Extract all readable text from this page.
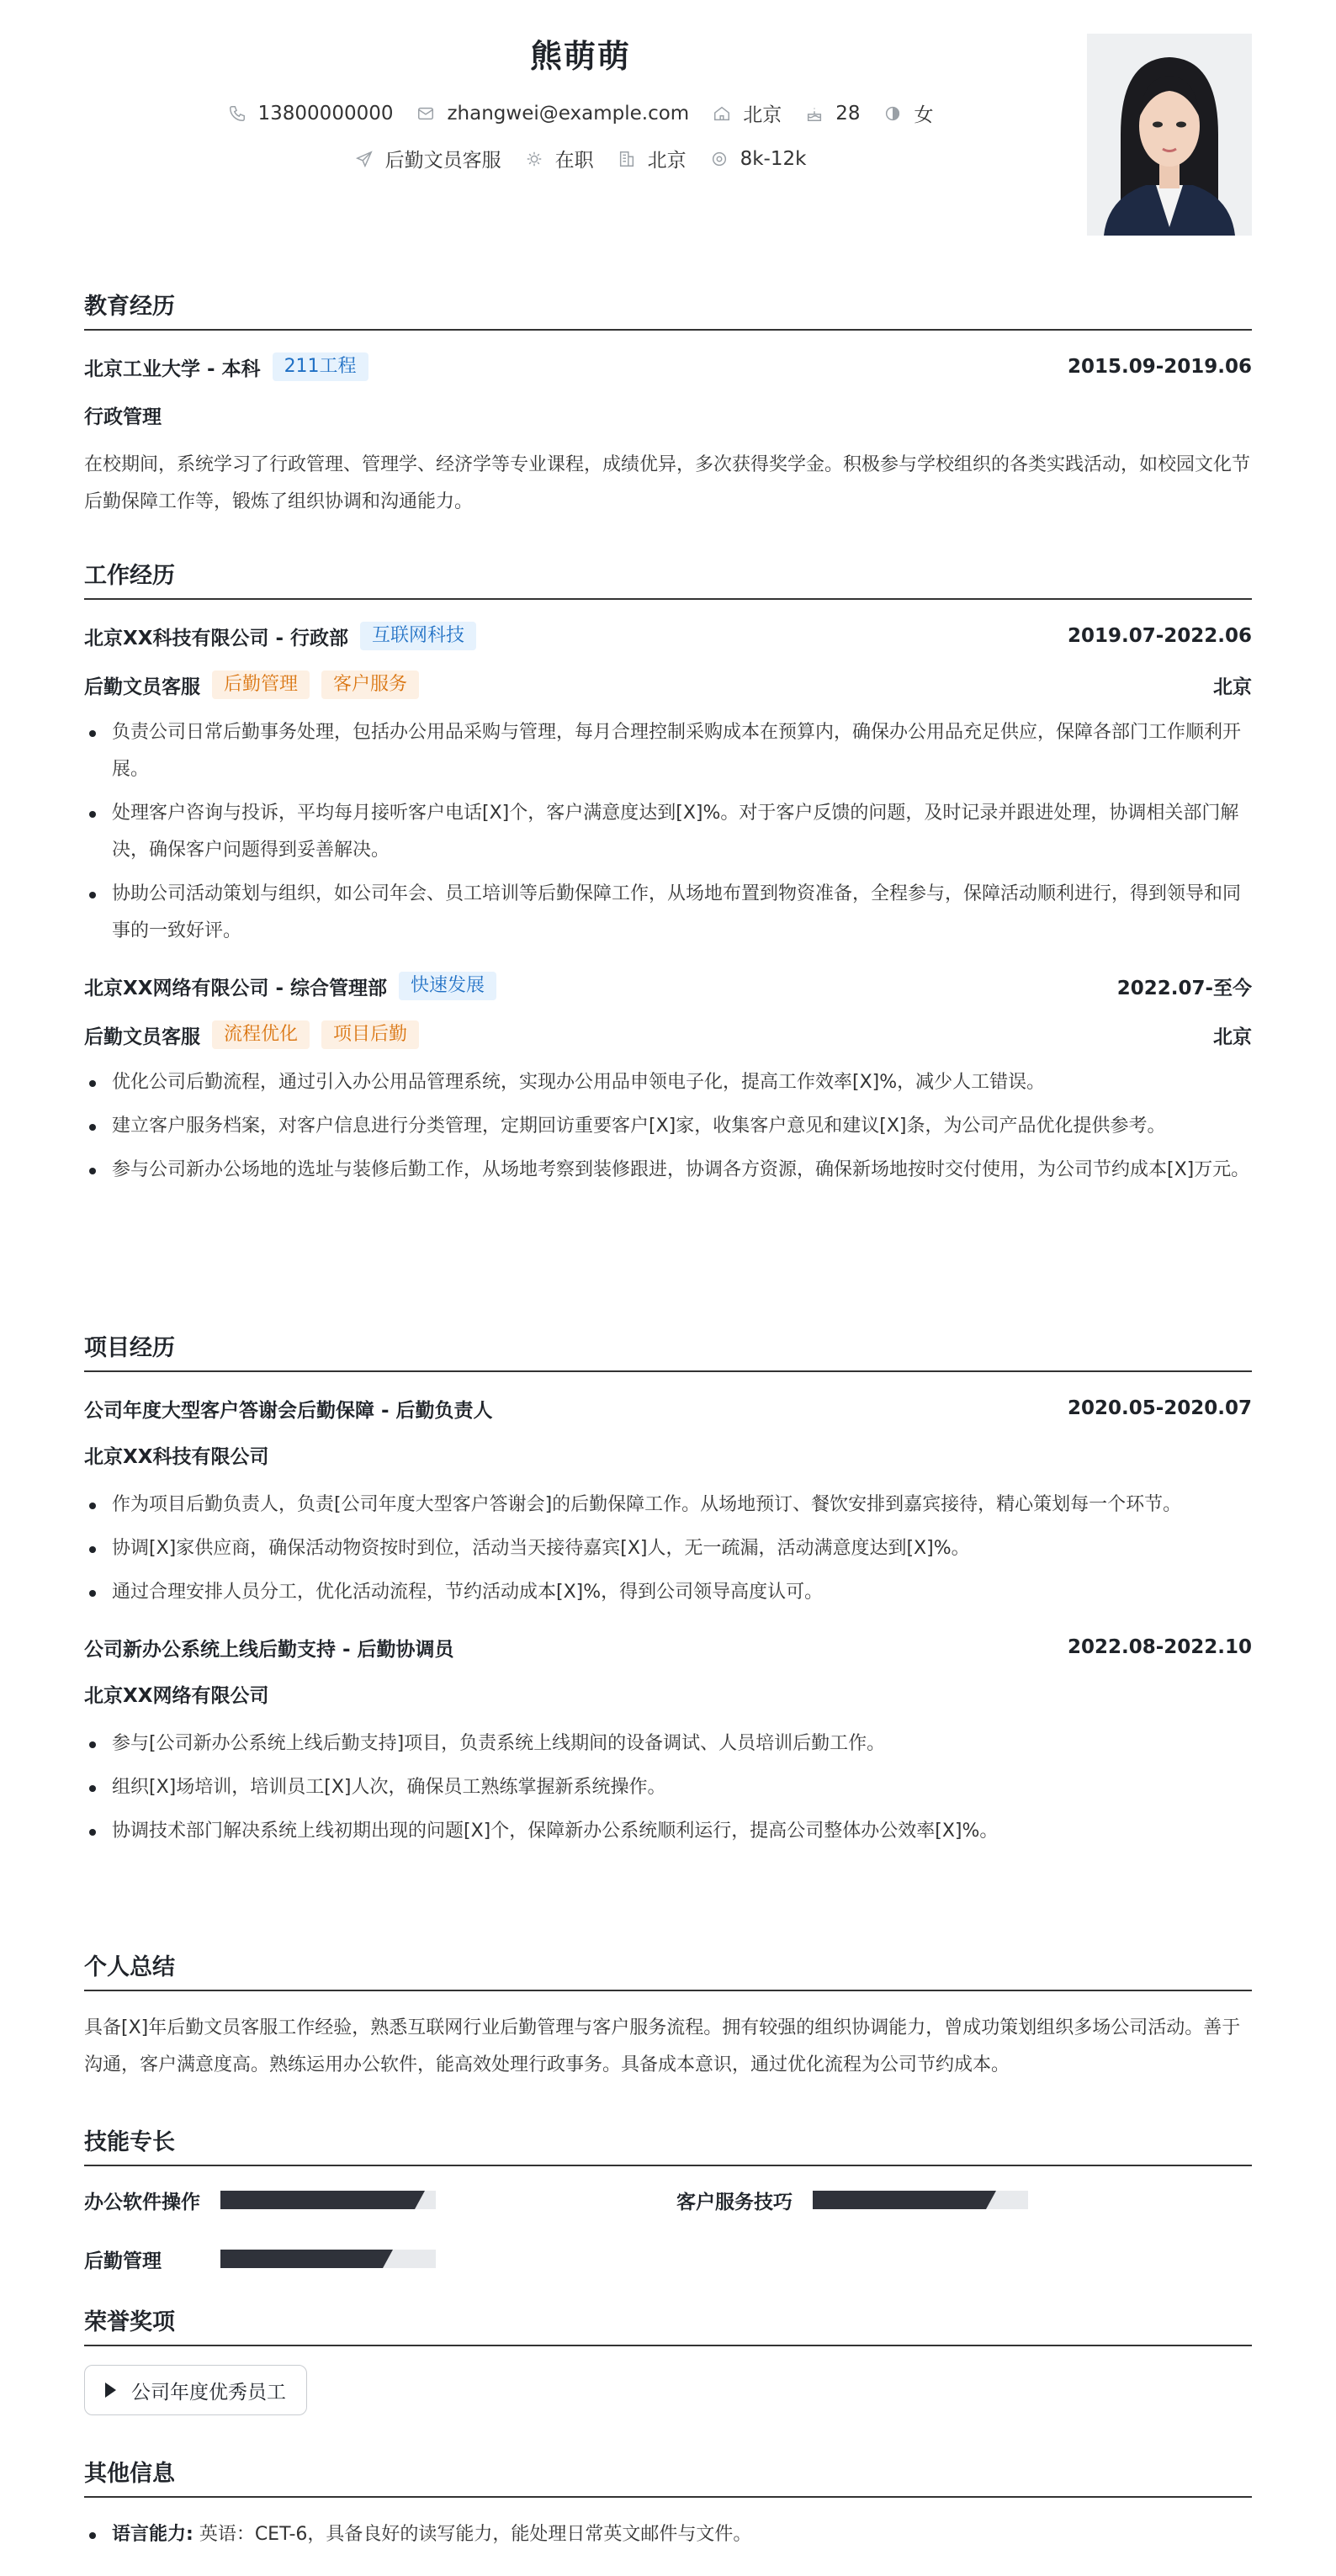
熊萌萌
13800000000	zhangwei@example.com	北京	28	女
后勤文员客服	在职	北京	8k-12k
教育经历
北京工业大学 - 本科	211工程	2015.09-2019.06
行政管理
在校期间，系统学习了行政管理、管理学、经济学等专业课程，成绩优异，多次获得奖学金。积极参与学校组织的各类实践活动，如校园文化节后勤保障工作等，锻炼了组织协调和沟通能力。
工作经历
北京XX科技有限公司 - 行政部	互联网科技	2019.07-2022.06
后勤文员客服	后勤管理	客户服务	北京
负责公司日常后勤事务处理，包括办公用品采购与管理，每月合理控制采购成本在预算内，确保办公用品充足供应，保障各部门工作顺利开展。
处理客户咨询与投诉，平均每月接听客户电话[X]个，客户满意度达到[X]%。对于客户反馈的问题，及时记录并跟进处理，协调相关部门解决，确保客户问题得到妥善解决。
协助公司活动策划与组织，如公司年会、员工培训等后勤保障工作，从场地布置到物资准备，全程参与，保障活动顺利进行，得到领导和同事的一致好评。
北京XX网络有限公司 - 综合管理部	快速发展	2022.07-至今
后勤文员客服	流程优化	项目后勤	北京
优化公司后勤流程，通过引入办公用品管理系统，实现办公用品申领电子化，提高工作效率[X]%，减少人工错误。
建立客户服务档案，对客户信息进行分类管理，定期回访重要客户[X]家，收集客户意见和建议[X]条，为公司产品优化提供参考。
参与公司新办公场地的选址与装修后勤工作，从场地考察到装修跟进，协调各方资源，确保新场地按时交付使用，为公司节约成本[X]万元。
项目经历
公司年度大型客户答谢会后勤保障 - 后勤负责人	2020.05-2020.07
北京XX科技有限公司
作为项目后勤负责人，负责[公司年度大型客户答谢会]的后勤保障工作。从场地预订、餐饮安排到嘉宾接待，精心策划每一个环节。
协调[X]家供应商，确保活动物资按时到位，活动当天接待嘉宾[X]人，无一疏漏，活动满意度达到[X]%。
通过合理安排人员分工，优化活动流程，节约活动成本[X]%，得到公司领导高度认可。
公司新办公系统上线后勤支持 - 后勤协调员	2022.08-2022.10
北京XX网络有限公司
参与[公司新办公系统上线后勤支持]项目，负责系统上线期间的设备调试、人员培训后勤工作。
组织[X]场培训，培训员工[X]人次，确保员工熟练掌握新系统操作。
协调技术部门解决系统上线初期出现的问题[X]个，保障新办公系统顺利运行，提高公司整体办公效率[X]%。
个人总结
具备[X]年后勤文员客服工作经验，熟悉互联网行业后勤管理与客户服务流程。拥有较强的组织协调能力，曾成功策划组织多场公司活动。善于沟通，客户满意度高。熟练运用办公软件，能高效处理行政事务。具备成本意识，通过优化流程为公司节约成本。
技能专长
办公软件操作	客户服务技巧
后勤管理
荣誉奖项
公司年度优秀员工
其他信息
语言能力: 英语：CET-6，具备良好的读写能力，能处理日常英文邮件与文件。
